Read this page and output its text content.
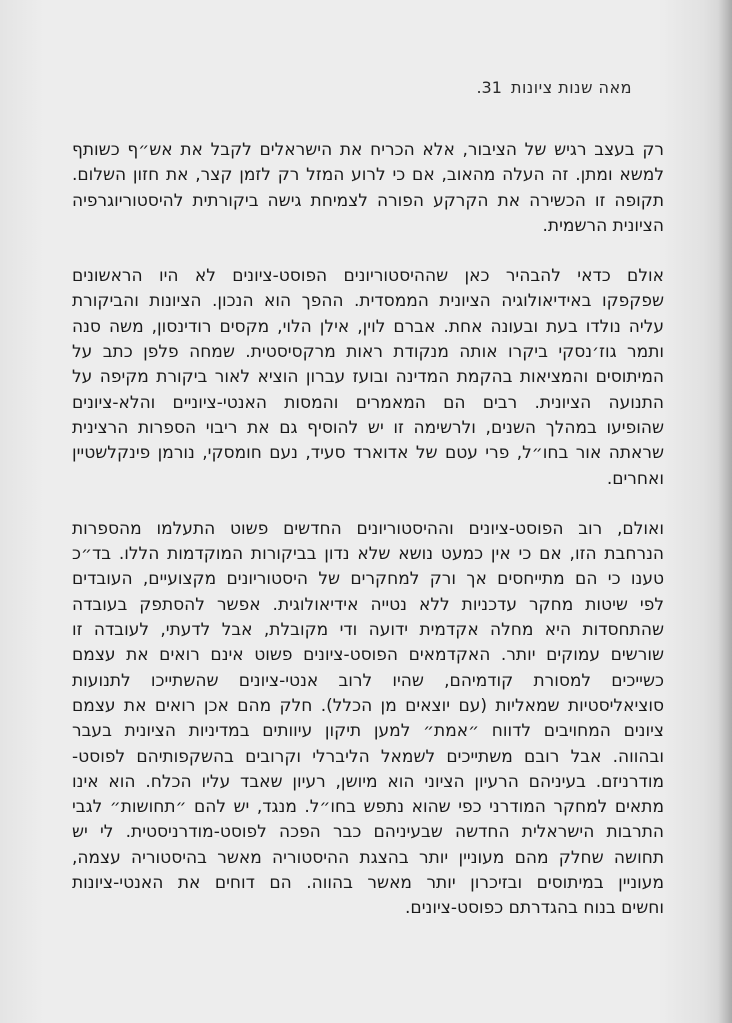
מאה שנות ציונות 31.

רק בעצב רגיש של הציבור, אלא הכריח את הישראלים לקבל את אש״ף כשותף
למשא ומתן. זה העלה מהאוב, אם כי לרוע המזל רק לזמן קצר, את חזון השלום.
תקופה זו הכשירה את הקרקע הפורה לצמיחת גישה ביקורתית להיסטוריוגרפיה
הציונית הרשמית.

אולם כדאי להבהיר כאן שההיסטוריונים הפוסט-ציונים לא היו הראשונים
שפקפקו באידיאולוגיה הציונית הממסדית. ההפך הוא הנכון. הציונות והביקורת
עליה נולדו בעת ובעונה אחת. אברם לוין, אילן הלוי, מקסים רודינסון, משה סנה
ותמר גוז׳נסקי ביקרו אותה מנקודת ראות מרקסיסטית. שמחה פלפן כתב על
המיתוסים והמציאות בהקמת המדינה ובועז עברון הוציא לאור ביקורת מקיפה על
התנועה הציונית. רבים הם המאמרים והמסות האנטי-ציוניים והלא-ציונים
שהופיעו במהלך השנים, ולרשימה זו יש להוסיף גם את ריבוי הספרות הרצינית
שראתה אור בחו״ל, פרי עטם של אדוארד סעיד, נעם חומסקי, נורמן פינקלשטיין
ואחרים.

ואולם, רוב הפוסט-ציונים וההיסטוריונים החדשים פשוט התעלמו מהספרות
הנרחבת הזו, אם כי אין כמעט נושא שלא נדון בביקורות המוקדמות הללו. בד״כ
טענו כי הם מתייחסים אך ורק למחקרים של היסטוריונים מקצועיים, העובדים
לפי שיטות מחקר עדכניות ללא נטייה אידיאולוגית. אפשר להסתפק בעובדה
שהתחסדות היא מחלה אקדמית ידועה ודי מקובלת, אבל לדעתי, לעובדה זו
שורשים עמוקים יותר. האקדמאים הפוסט-ציונים פשוט אינם רואים את עצמם
כשייכים למסורת קודמיהם, שהיו לרוב אנטי-ציונים שהשתייכו לתנועות
סוציאליסטיות שמאליות (עם יוצאים מן הכלל). חלק מהם אכן רואים את עצמם
ציונים המחויבים לדווח ״אמת״ למען תיקון עיוותים במדיניות הציונית בעבר
ובהווה. אבל רובם משתייכים לשמאל הליברלי וקרובים בהשקפותיהם לפוסט-
מודרניזם. בעיניהם הרעיון הציוני הוא מיושן, רעיון שאבד עליו הכלח. הוא אינו
מתאים למחקר המודרני כפי שהוא נתפש בחו״ל. מנגד, יש להם ״תחושות״ לגבי
התרבות הישראלית החדשה שבעיניהם כבר הפכה לפוסט-מודרניסטית. לי יש
תחושה שחלק מהם מעוניין יותר בהצגת ההיסטוריה מאשר בהיסטוריה עצמה,
מעוניין במיתוסים ובזיכרון יותר מאשר בהווה. הם דוחים את האנטי-ציונות
וחשים בנוח בהגדרתם כפוסט-ציונים.
